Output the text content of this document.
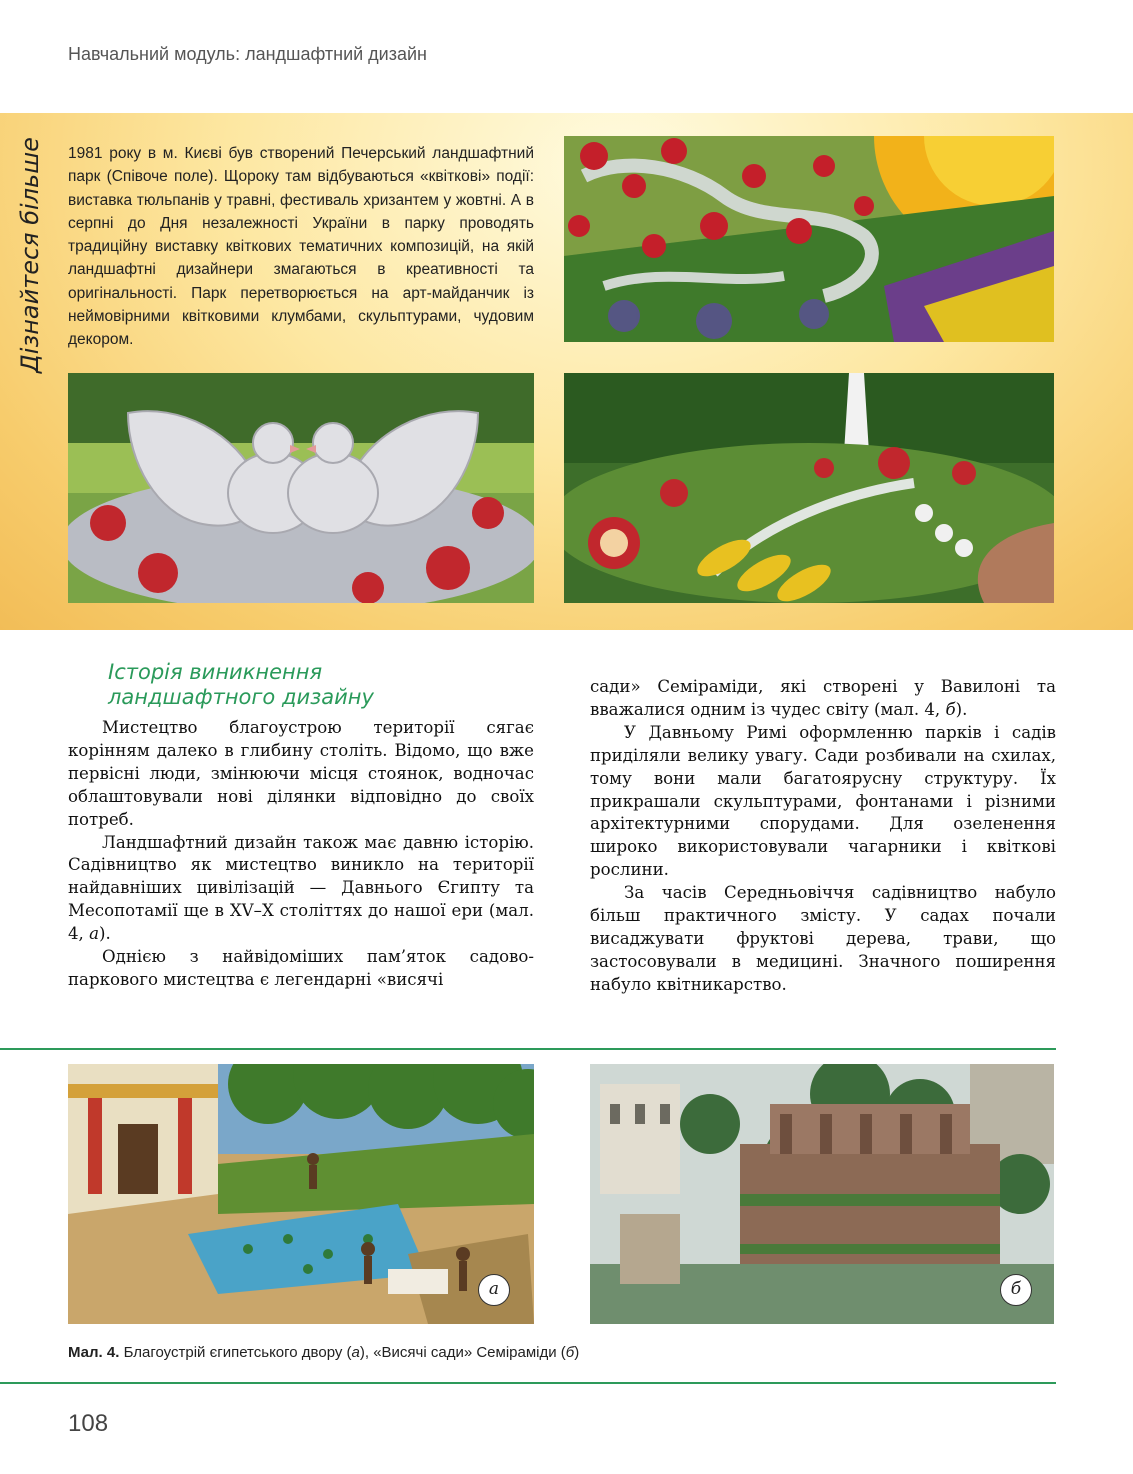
Навчальний модуль: ландшафтний дизайн
Дізнайтеся більше 1981 року в м. Києві був створений Печерський ландшафтний парк (Співоче поле). Щороку там відбуваються «квіткові» події: виставка тюльпанів у травні, фестиваль хризантем у жовтні. А в серпні до Дня незалежності України в парку проводять традиційну виставку квіткових тематичних композицій, на якій ландшафтні дизайнери змагаються в креативності та оригінальності. Парк перетворюється на арт-майданчик із неймовірними квітковими клумбами, скульптурами, чудовим декором.
Історія виникнення
ландшафтного дизайну

Мистецтво благоустрою території сягає корінням далеко в глибину століть. Відомо, що вже первісні люди, змінюючи місця стоянок, водночас облаштовували нові ділянки відповідно до своїх потреб.

Ландшафтний дизайн також має давню історію. Садівництво як мистецтво виникло на території найдавніших цивілізацій — Давнього Єгипту та Месопотамії ще в XV–X століттях до нашої ери (мал. 4, а).

Однією з найвідоміших пам’яток садово-паркового мистецтва є легендарні «висячі

сади» Семіраміди, які створені у Вавилоні та вважалися одним із чудес світу (мал. 4, б).

У Давньому Римі оформленню парків і садів приділяли велику увагу. Сади розбивали на схилах, тому вони мали багатоярусну структуру. Їх прикрашали скульптурами, фонтанами і різними архітектурними спорудами. Для озеленення широко використовували чагарники і квіткові рослини.

За часів Середньовіччя садівництво набуло більш практичного змісту. У садах почали висаджувати фруктові дерева, трави, що застосовували в медицині. Значного поширення набуло квітникарство.

а	б
Мал. 4. Благоустрій єгипетського двору (а), «Висячі сади» Семіраміди (б)
108
